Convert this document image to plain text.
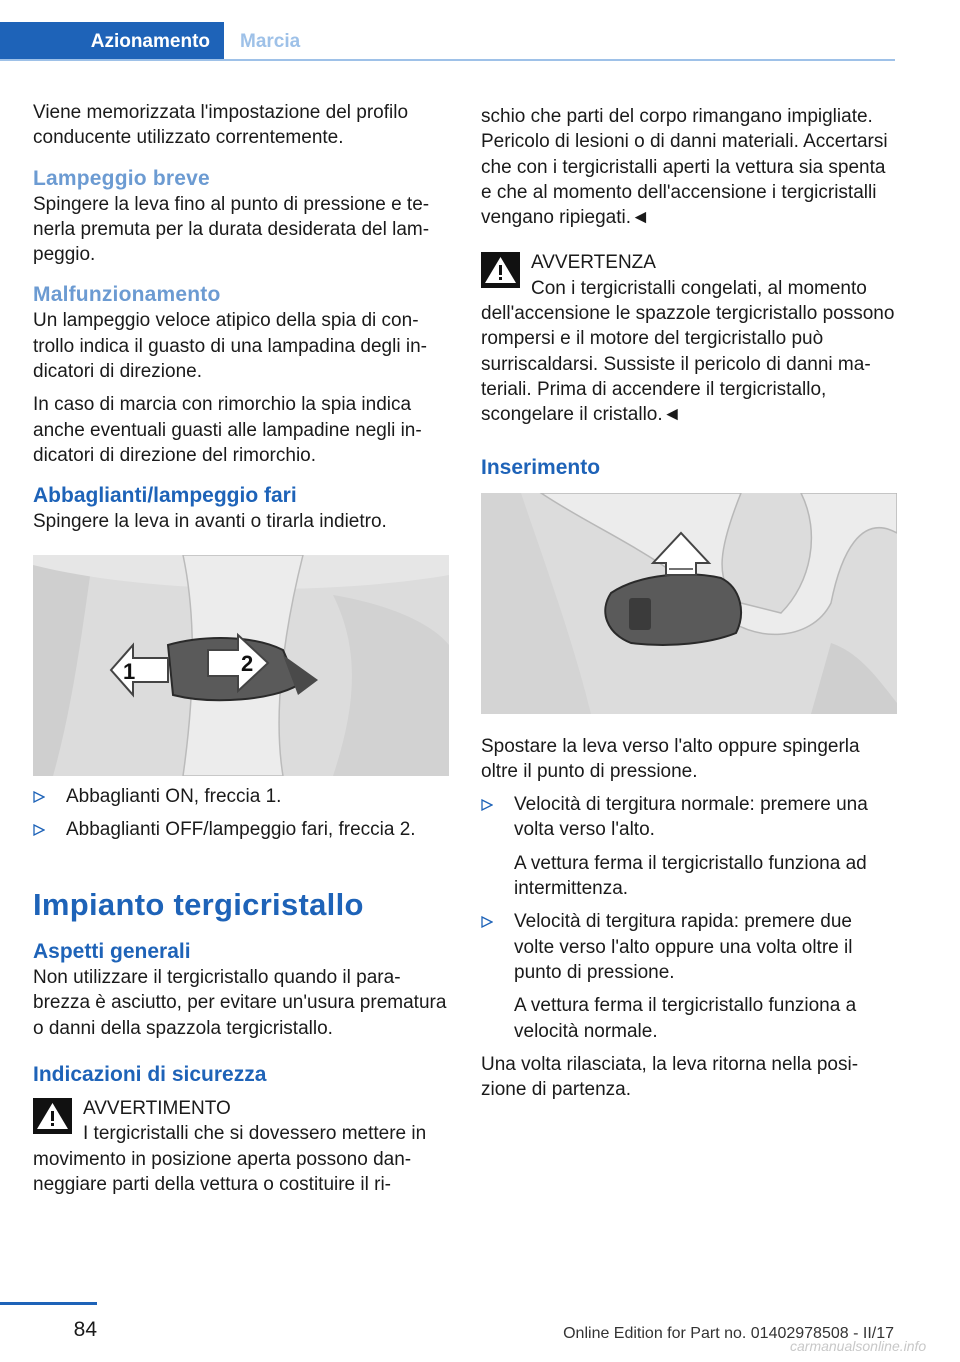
Azionamento	Marcia

Viene memorizzata l'impostazione del profilo conducente utilizzato correntemente.

Lampeggio breve

Spingere la leva fino al punto di pressione e tenerla premuta per la durata desiderata del lampeggio.

Malfunzionamento

Un lampeggio veloce atipico della spia di controllo indica il guasto di una lampadina degli indicatori di direzione.

In caso di marcia con rimorchio la spia indica anche eventuali guasti alle lampadine negli indicatori di direzione del rimorchio.

Abbaglianti/lampeggio fari

Spingere la leva in avanti o tirarla indietro.

1	2
Abbaglianti ON, freccia 1.
Abbaglianti OFF/lampeggio fari, freccia 2.
Impianto tergicristallo
Aspetti generali

Non utilizzare il tergicristallo quando il parabrezza è asciutto, per evitare un'usura prematura o danni della spazzola tergicristallo.

Indicazioni di sicurezza
AVVERTIMENTO
I tergicristalli che si dovessero mettere in
movimento in posizione aperta possono danneggiare parti della vettura o costituire il ri-

schio che parti del corpo rimangano impigliate. Pericolo di lesioni o di danni materiali. Accertarsi che con i tergicristalli aperti la vettura sia spenta e che al momento dell'accensione i tergicristalli vengano ripiegati.◄

AVVERTENZA
Con i tergicristalli congelati, al momento
dell'accensione le spazzole tergicristallo possono rompersi e il motore del tergicristallo può surriscaldarsi. Sussiste il pericolo di danni materiali. Prima di accendere il tergicristallo, scongelare il cristallo.◄
Inserimento

Spostare la leva verso l'alto oppure spingerla oltre il punto di pressione.

Velocità di tergitura normale: premere una volta verso l'alto.

A vettura ferma il tergicristallo funziona ad intermittenza.

Velocità di tergitura rapida: premere due volte verso l'alto oppure una volta oltre il punto di pressione.

A vettura ferma il tergicristallo funziona a velocità normale.

Una volta rilasciata, la leva ritorna nella posizione di partenza.

84	Online Edition for Part no. 01402978508 - II/17
carmanualsonline.info
